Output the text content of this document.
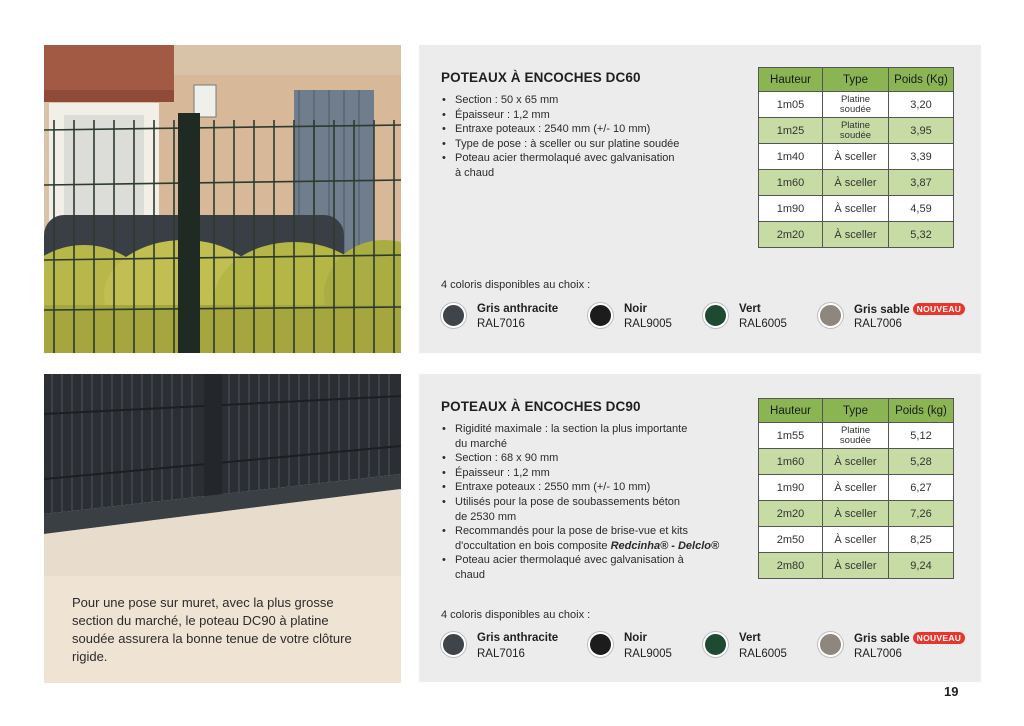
POTEAUX À ENCOCHES DC60
• Section : 50 x 65 mm
• Épaisseur : 1,2 mm
• Entraxe poteaux : 2540 mm (+/- 10 mm)
• Type de pose : à sceller ou sur platine soudée
• Poteau acier thermolaqué avec galvanisation
à chaud
Hauteur	Type	Poids (Kg)
1m05	Platine soudée	3,20
1m25	Platine soudée	3,95
1m40	À sceller	3,39
1m60	À sceller	3,87
1m90	À sceller	4,59
2m20	À sceller	5,32
4 coloris disponibles au choix :
Gris anthracite
RAL7016
Noir
RAL9005
Vert
RAL6005
Gris sable NOUVEAU
RAL7006
Pour une pose sur muret, avec la plus grosse section du marché, le poteau DC90 à platine soudée assurera la bonne tenue de votre clôture rigide.
POTEAUX À ENCOCHES DC90
• Rigidité maximale : la section la plus importante
du marché
• Section : 68 x 90 mm
• Épaisseur : 1,2 mm
• Entraxe poteaux : 2550 mm (+/- 10 mm)
• Utilisés pour la pose de soubassements béton
de 2530 mm
• Recommandés pour la pose de brise-vue et kits
d'occultation en bois composite Redcinha® - Delclo®
• Poteau acier thermolaqué avec galvanisation à
chaud
Hauteur	Type	Poids (kg)
1m55	Platine soudée	5,12
1m60	À sceller	5,28
1m90	À sceller	6,27
2m20	À sceller	7,26
2m50	À sceller	8,25
2m80	À sceller	9,24
4 coloris disponibles au choix :
Gris anthracite
RAL7016
Noir
RAL9005
Vert
RAL6005
Gris sable NOUVEAU
RAL7006
19
